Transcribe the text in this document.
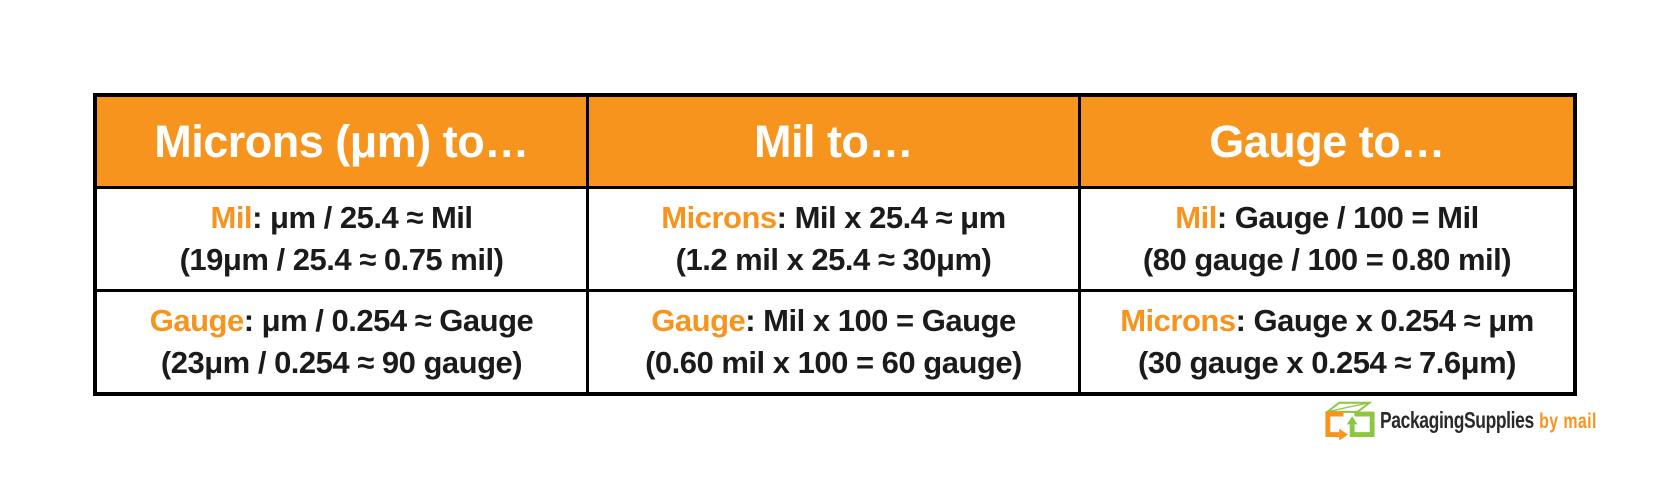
Microns (μm) to…	Mil to…	Gauge to…
Mil: μm / 25.4 ≈ Mil
(19μm / 25.4 ≈ 0.75 mil)
Microns: Mil x 25.4 ≈ μm
(1.2 mil x 25.4 ≈ 30μm)
Mil: Gauge / 100 = Mil
(80 gauge / 100 = 0.80 mil)
Gauge: μm / 0.254 ≈ Gauge
(23μm / 0.254 ≈ 90 gauge)
Gauge: Mil x 100 = Gauge
(0.60 mil x 100 = 60 gauge)
Microns: Gauge x 0.254 ≈ μm
(30 gauge x 0.254 ≈ 7.6μm)
PackagingSupplies by mail
